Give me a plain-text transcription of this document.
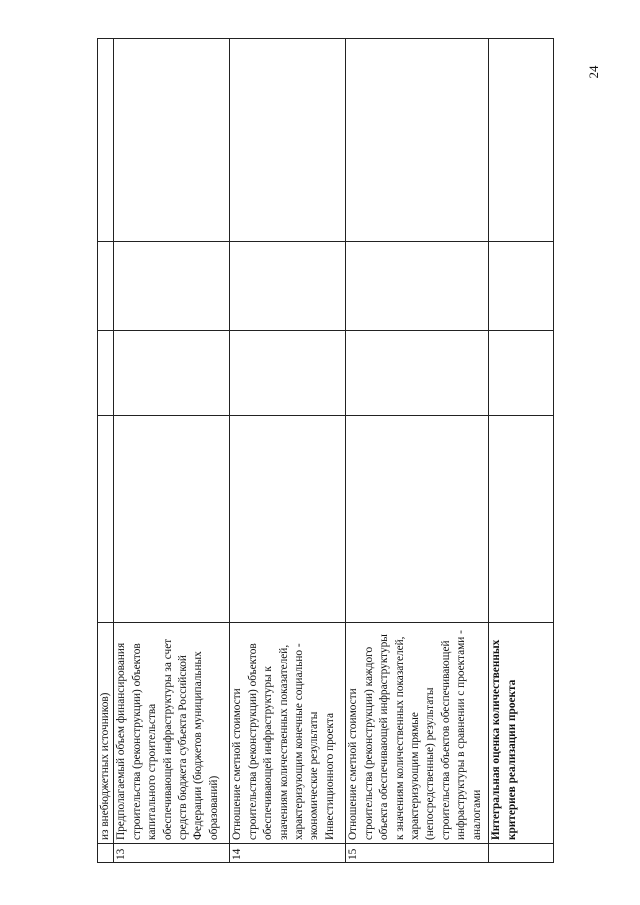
24
	из внебюджетных источников)				
13	Предполагаемый объем финансирования строительства (реконструкции) объектов капитального строительства обеспечивающей инфраструктуры за счет средств бюджета субъекта Российской Федерации (бюджетов муниципальных образований)				
14	Отношение сметной стоимости строительства (реконструкции) объектов обеспечивающей инфраструктуры к значениям количественных показателей, характеризующим конечные социально - экономические результаты Инвестиционного проекта				
15	Отношение сметной стоимости строительства (реконструкции) каждого объекта обеспечивающей инфраструктуры к значениям количественных показателей, характеризующим прямые (непосредственные) результаты строительства объектов обеспечивающей инфраструктуры в сравнении с проектами - аналогами				
	Интегральная оценка количественных критериев реализации проекта				
